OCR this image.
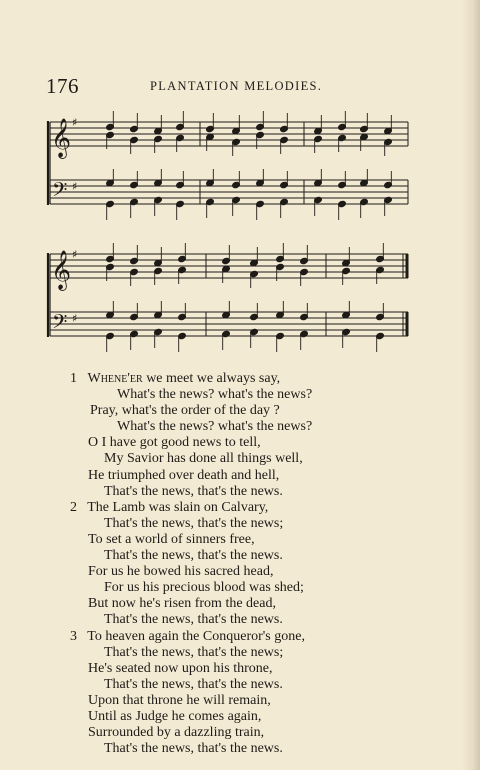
176	PLANTATION MELODIES.
𝄞
𝄢
♯
♯
𝄞
𝄢
♯
♯
1 Whene'er we meet we always say,
What's the news? what's the news?
Pray, what's the order of the day ?
What's the news? what's the news?
O I have got good news to tell,
My Savior has done all things well,
He triumphed over death and hell,
That's the news, that's the news.
2 The Lamb was slain on Calvary,
That's the news, that's the news;
To set a world of sinners free,
That's the news, that's the news.
For us he bowed his sacred head,
For us his precious blood was shed;
But now he's risen from the dead,
That's the news, that's the news.
3 To heaven again the Conqueror's gone,
That's the news, that's the news;
He's seated now upon his throne,
That's the news, that's the news.
Upon that throne he will remain,
Until as Judge he comes again,
Surrounded by a dazzling train,
That's the news, that's the news.
